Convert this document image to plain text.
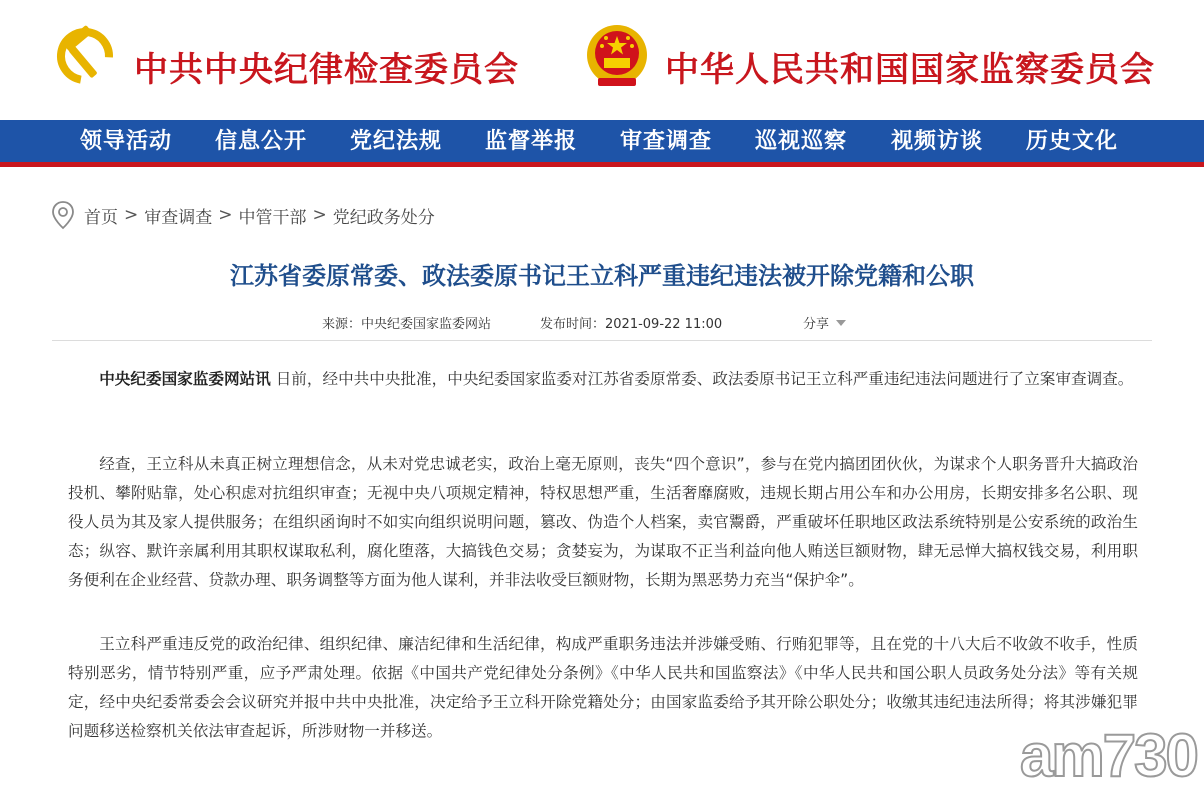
中共中央纪律检查委员会	中华人民共和国国家监察委员会
领导活动 信息公开 党纪法规 监督举报 审查调查 巡视巡察 视频访谈 历史文化
首页 > 审查调查 > 中管干部 > 党纪政务处分
江苏省委原常委、政法委原书记王立科严重违纪违法被开除党籍和公职
来源：中央纪委国家监委网站	发布时间：2021-09-22 11:00	分享

中央纪委国家监委网站讯 日前，经中共中央批准，中央纪委国家监委对江苏省委原常委、政法委原书记王立科严重违纪违法问题进行了立案审查调查。

经查，王立科从未真正树立理想信念，从未对党忠诚老实，政治上毫无原则，丧失“四个意识”，参与在党内搞团团伙伙，为谋求个人职务晋升大搞政治投机、攀附贴靠，处心积虑对抗组织审查；无视中央八项规定精神，特权思想严重，生活奢靡腐败，违规长期占用公车和办公用房，长期安排多名公职、现役人员为其及家人提供服务；在组织函询时不如实向组织说明问题，篡改、伪造个人档案，卖官鬻爵，严重破坏任职地区政法系统特别是公安系统的政治生态；纵容、默许亲属利用其职权谋取私利，腐化堕落，大搞钱色交易；贪婪妄为，为谋取不正当利益向他人贿送巨额财物，肆无忌惮大搞权钱交易，利用职务便利在企业经营、贷款办理、职务调整等方面为他人谋利，并非法收受巨额财物，长期为黑恶势力充当“保护伞”。

王立科严重违反党的政治纪律、组织纪律、廉洁纪律和生活纪律，构成严重职务违法并涉嫌受贿、行贿犯罪等，且在党的十八大后不收敛不收手，性质特别恶劣，情节特别严重，应予严肃处理。依据《中国共产党纪律处分条例》《中华人民共和国监察法》《中华人民共和国公职人员政务处分法》等有关规定，经中央纪委常委会会议研究并报中共中央批准，决定给予王立科开除党籍处分；由国家监委给予其开除公职处分；收缴其违纪违法所得；将其涉嫌犯罪问题移送检察机关依法审查起诉，所涉财物一并移送。	am730
